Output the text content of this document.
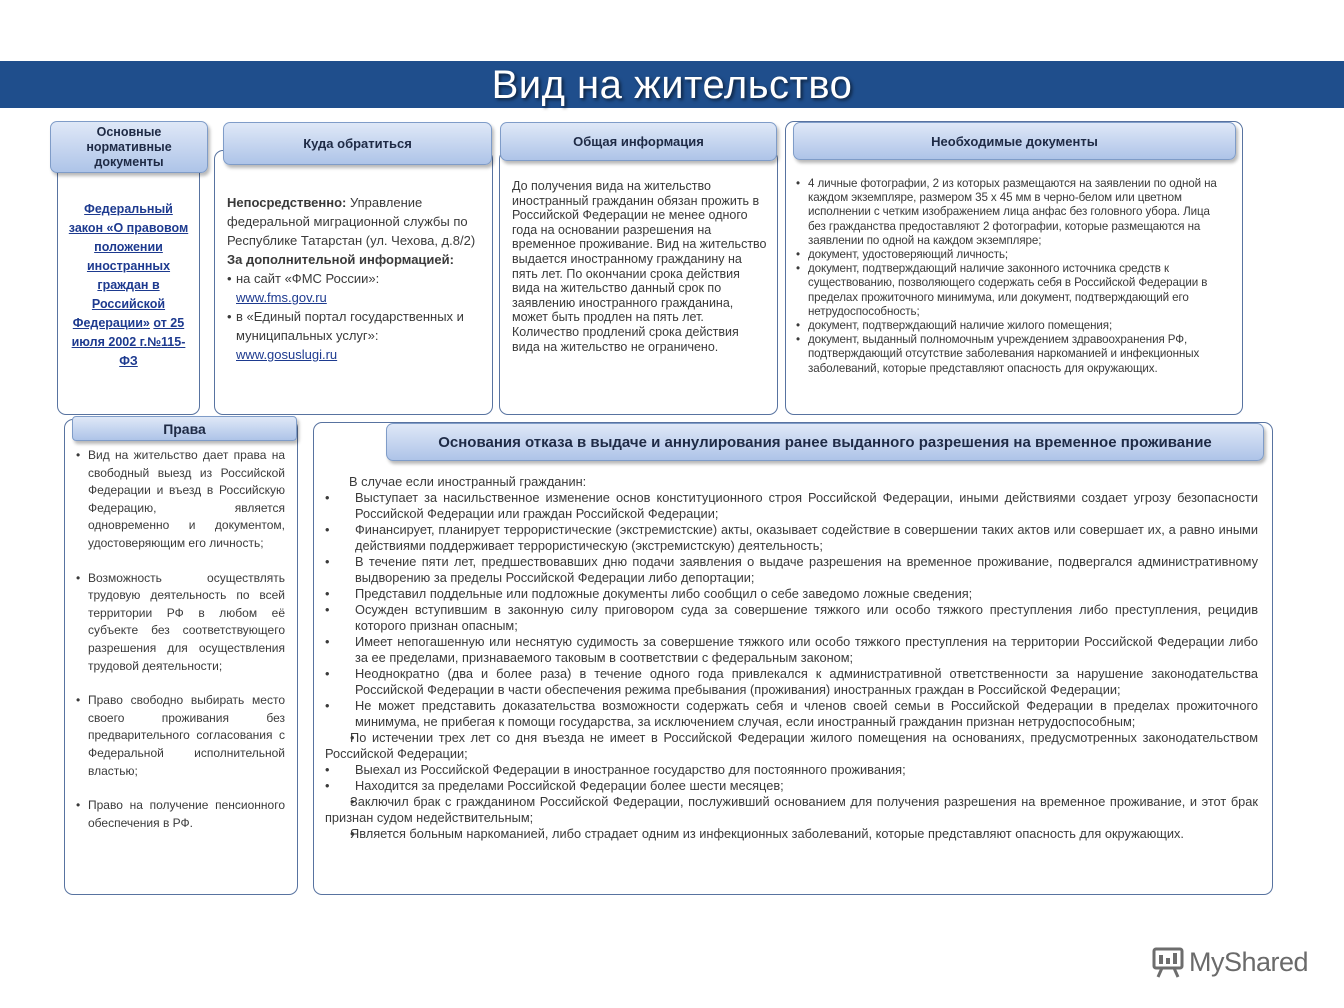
Вид на жительство
Основные нормативные документы
Федеральный закон «О правовом положении иностранных граждан в Российской Федерации» от 25 июля 2002 г.№115-ФЗ
Куда обратиться
Непосредственно: Управление федеральной миграционной службы по Республике Татарстан (ул. Чехова, д.8/2)
За дополнительной информацией:
• на сайт «ФМС России»:
www.fms.gov.ru
• в «Единый портал государственных и муниципальных услуг»:
www.gosuslugi.ru
Общая информация
До получения вида на жительство иностранный гражданин обязан прожить в Российской Федерации не менее одного года на основании разрешения на временное проживание. Вид на жительство выдается иностранному гражданину на пять лет. По окончании срока действия вида на жительство данный срок по заявлению иностранного гражданина, может быть продлен на пять лет. Количество продлений срока действия вида на жительство не ограничено.
Необходимые документы
• 4 личные фотографии, 2 из которых размещаются на заявлении по одной на каждом экземпляре, размером 35 х 45 мм в черно-белом или цветном исполнении с четким изображением лица анфас без головного убора. Лица без гражданства предоставляют 2 фотографии, которые размещаются на заявлении по одной на каждом экземпляре;
• документ, удостоверяющий личность;
• документ, подтверждающий наличие законного источника средств к существованию, позволяющего содержать себя в Российской Федерации в пределах прожиточного минимума, или документ, подтверждающий его нетрудоспособность;
• документ, подтверждающий наличие жилого помещения;
• документ, выданный полномочным учреждением здравоохранения РФ, подтверждающий отсутствие заболевания наркоманией и инфекционных заболеваний, которые представляют опасность для окружающих.
Права
• Вид на жительство дает права на свободный выезд из Российской Федерации и въезд в Российскую Федерацию, является одновременно и документом, удостоверяющим его личность;
• Возможность осуществлять трудовую деятельность по всей территории РФ в любом её субъекте без соответствующего разрешения для осуществления трудовой деятельности;
• Право свободно выбирать место своего проживания без предварительного согласования с Федеральной исполнительной властью;
• Право на получение пенсионного обеспечения в РФ.
Основания отказа в выдаче и аннулирования ранее выданного разрешения на временное проживание
В случае если иностранный гражданин:
• Выступает за насильственное изменение основ конституционного строя Российской Федерации, иными действиями создает угрозу безопасности Российской Федерации или граждан Российской Федерации;
• Финансирует, планирует террористические (экстремистские) акты, оказывает содействие в совершении таких актов или совершает их, а равно иными действиями поддерживает террористическую (экстремистскую) деятельность;
• В течение пяти лет, предшествовавших дню подачи заявления о выдаче разрешения на временное проживание, подвергался административному выдворению за пределы Российской Федерации либо депортации;
• Представил поддельные или подложные документы либо сообщил о себе заведомо ложные сведения;
• Осужден вступившим в законную силу приговором суда за совершение тяжкого или особо тяжкого преступления либо преступления, рецидив которого признан опасным;
• Имеет непогашенную или неснятую судимость за совершение тяжкого или особо тяжкого преступления на территории Российской Федерации либо за ее пределами, признаваемого таковым в соответствии с федеральным законом;
• Неоднократно (два и более раза) в течение одного года привлекался к административной ответственности за нарушение законодательства Российской Федерации в части обеспечения режима пребывания (проживания) иностранных граждан в Российской Федерации;
• Не может представить доказательства возможности содержать себя и членов своей семьи в Российской Федерации в пределах прожиточного минимума, не прибегая к помощи государства, за исключением случая, если иностранный гражданин признан нетрудоспособным;
• По истечении трех лет со дня въезда не имеет в Российской Федерации жилого помещения на основаниях, предусмотренных законодательством Российской Федерации;
• Выехал из Российской Федерации в иностранное государство для постоянного проживания;
• Находится за пределами Российской Федерации более шести месяцев;
• Заключил брак с гражданином Российской Федерации, послуживший основанием для получения разрешения на временное проживание, и этот брак признан судом недействительным;
• Является больным наркоманией, либо страдает одним из инфекционных заболеваний, которые представляют опасность для окружающих.
MyShared
